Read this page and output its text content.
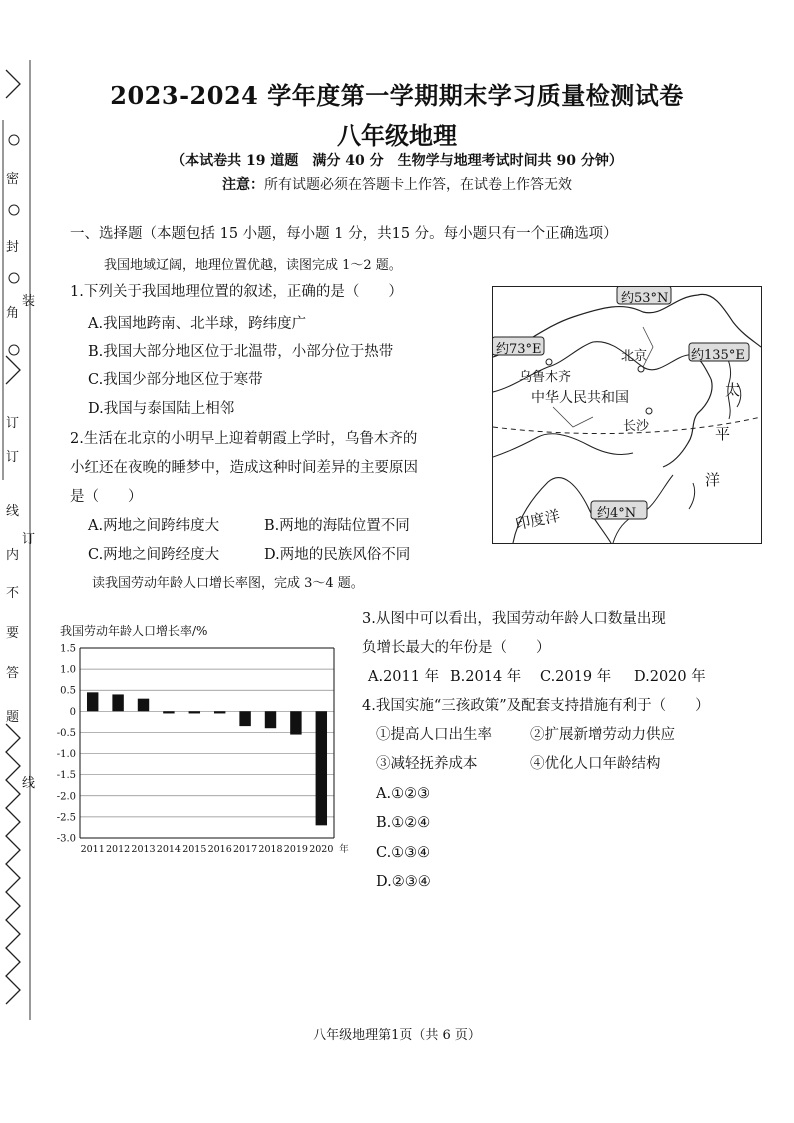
密
封
角
订
订
线
内
不
要
答
题
装
订
线
2023-2024 学年度第一学期期末学习质量检测试卷
八年级地理
（本试卷共 19 道题　满分 40 分　生物学与地理考试时间共 90 分钟）
注意：所有试题必须在答题卡上作答，在试卷上作答无效
一、选择题（本题包括 15 小题，每小题 1 分，共15 分。每小题只有一个正确选项）
我国地域辽阔，地理位置优越，读图完成 1～2 题。
1.下列关于我国地理位置的叙述，正确的是（　　）
A.我国地跨南、北半球，跨纬度广
B.我国大部分地区位于北温带，小部分位于热带
C.我国少部分地区位于寒带
D.我国与泰国陆上相邻
2.生活在北京的小明早上迎着朝霞上学时，乌鲁木齐的
小红还在夜晚的睡梦中，造成这种时间差异的主要原因
是（　　）
A.两地之间跨纬度大	B.两地的海陆位置不同
C.两地之间跨经度大	D.两地的民族风俗不同
读我国劳动年龄人口增长率图，完成 3～4 题。
约53°N
约73°E	约135°E
约4°N
乌鲁木齐
北京
长沙
中华人民共和国	太
平
洋
印度洋
我国劳动年龄人口增长率/%
1.5
1.0
0.5
0
-0.5
-1.0
-1.5
-2.0
-2.5
-3.0
2011 2012 2013 2014 2015 2016 2017 2018 2019 2020 年
3.从图中可以看出，我国劳动年龄人口数量出现
负增长最大的年份是（　　）
A.2011 年 B.2014 年 C.2019 年 D.2020 年
4.我国实施“三孩政策”及配套支持措施有利于（　　）
①提高人口出生率	②扩展新增劳动力供应
③减轻抚养成本	④优化人口年龄结构
A.①②③
B.①②④
C.①③④
D.②③④
八年级地理第1页（共 6 页）
